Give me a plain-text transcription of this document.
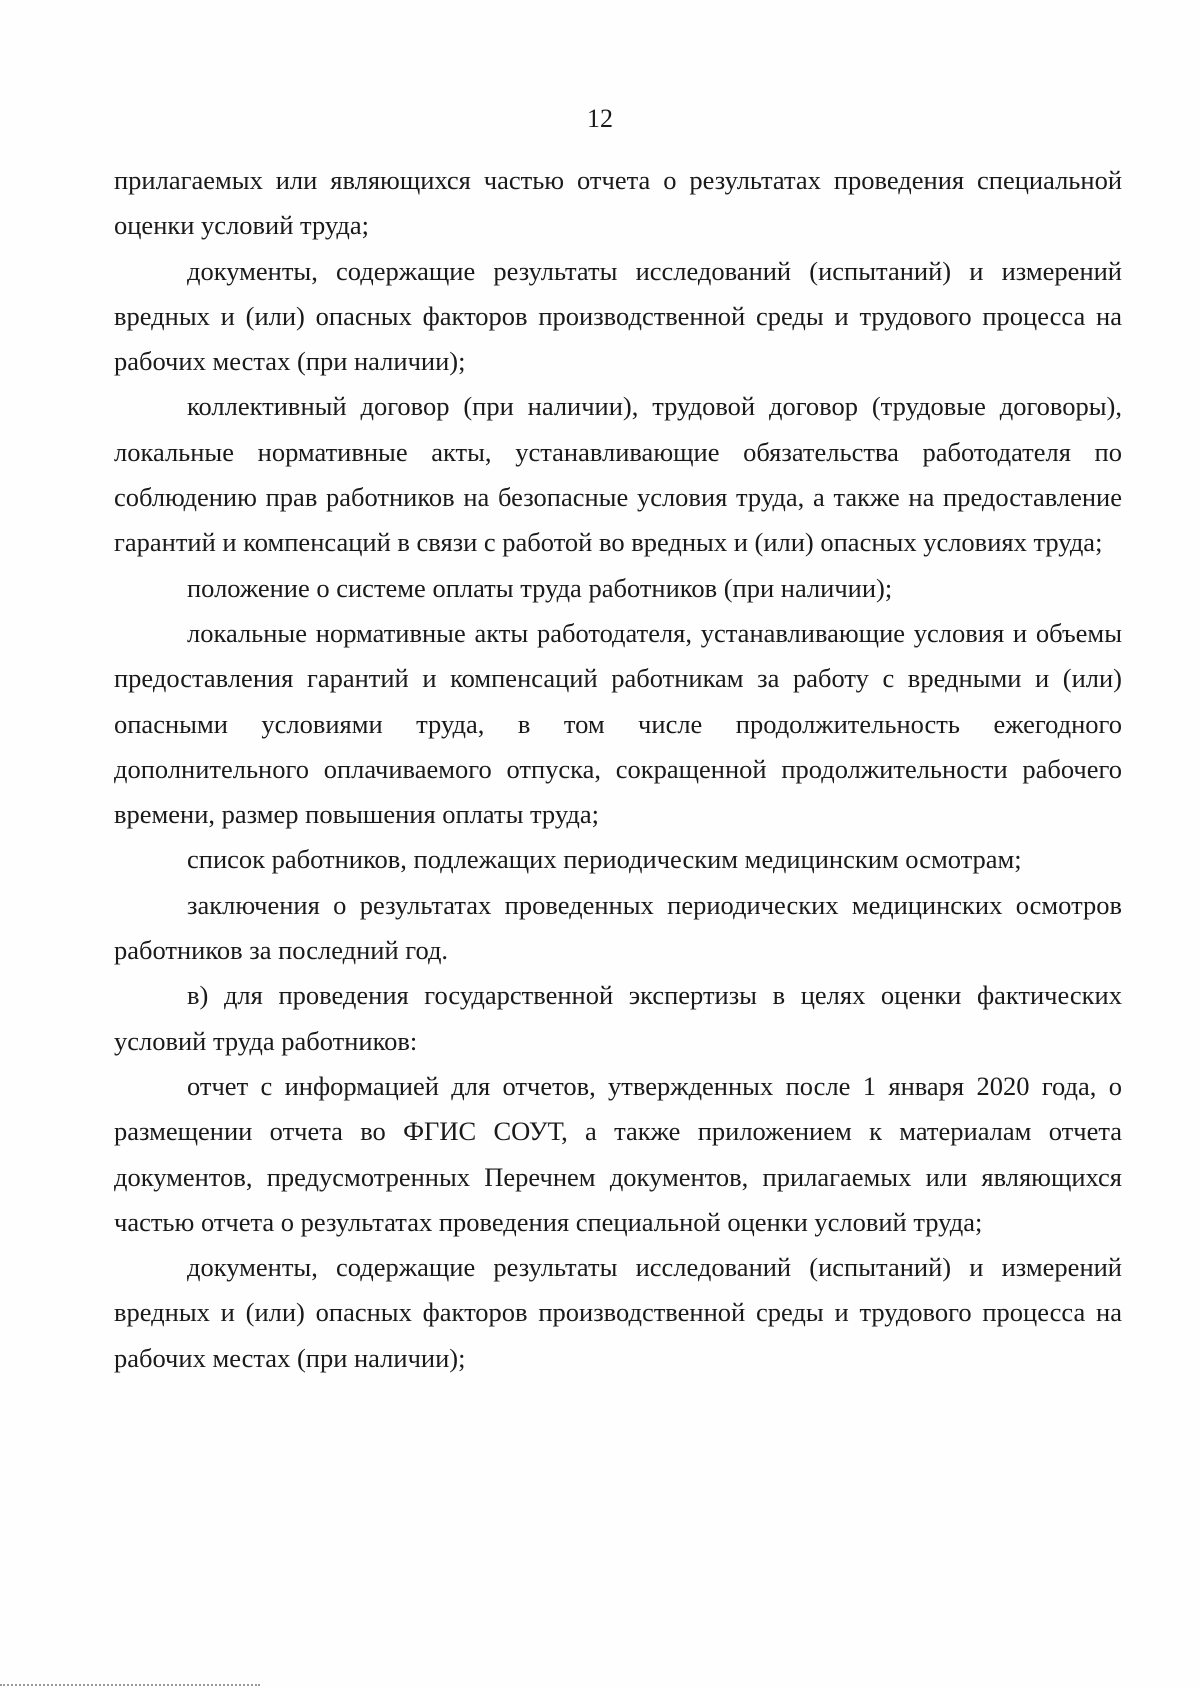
12

прилагаемых или являющихся частью отчета о результатах проведения специальной оценки условий труда;

документы, содержащие результаты исследований (испытаний) и измерений вредных и (или) опасных факторов производственной среды и трудового процесса на рабочих местах (при наличии);

коллективный договор (при наличии), трудовой договор (трудовые договоры), локальные нормативные акты, устанавливающие обязательства работодателя по соблюдению прав работников на безопасные условия труда, а также на предоставление гарантий и компенсаций в связи с работой во вредных и (или) опасных условиях труда;

положение о системе оплаты труда работников (при наличии);

локальные нормативные акты работодателя, устанавливающие условия и объемы предоставления гарантий и компенсаций работникам за работу с вредными и (или) опасными условиями труда, в том числе продолжительность ежегодного дополнительного оплачиваемого отпуска, сокращенной продолжительности рабочего времени, размер повышения оплаты труда;

список работников, подлежащих периодическим медицинским осмотрам;

заключения о результатах проведенных периодических медицинских осмотров работников за последний год.

в) для проведения государственной экспертизы в целях оценки фактических условий труда работников:

отчет с информацией для отчетов, утвержденных после 1 января 2020 года, о размещении отчета во ФГИС СОУТ, а также приложением к материалам отчета документов, предусмотренных Перечнем документов, прилагаемых или являющихся частью отчета о результатах проведения специальной оценки условий труда;

документы, содержащие результаты исследований (испытаний) и измерений вредных и (или) опасных факторов производственной среды и трудового процесса на рабочих местах (при наличии);
